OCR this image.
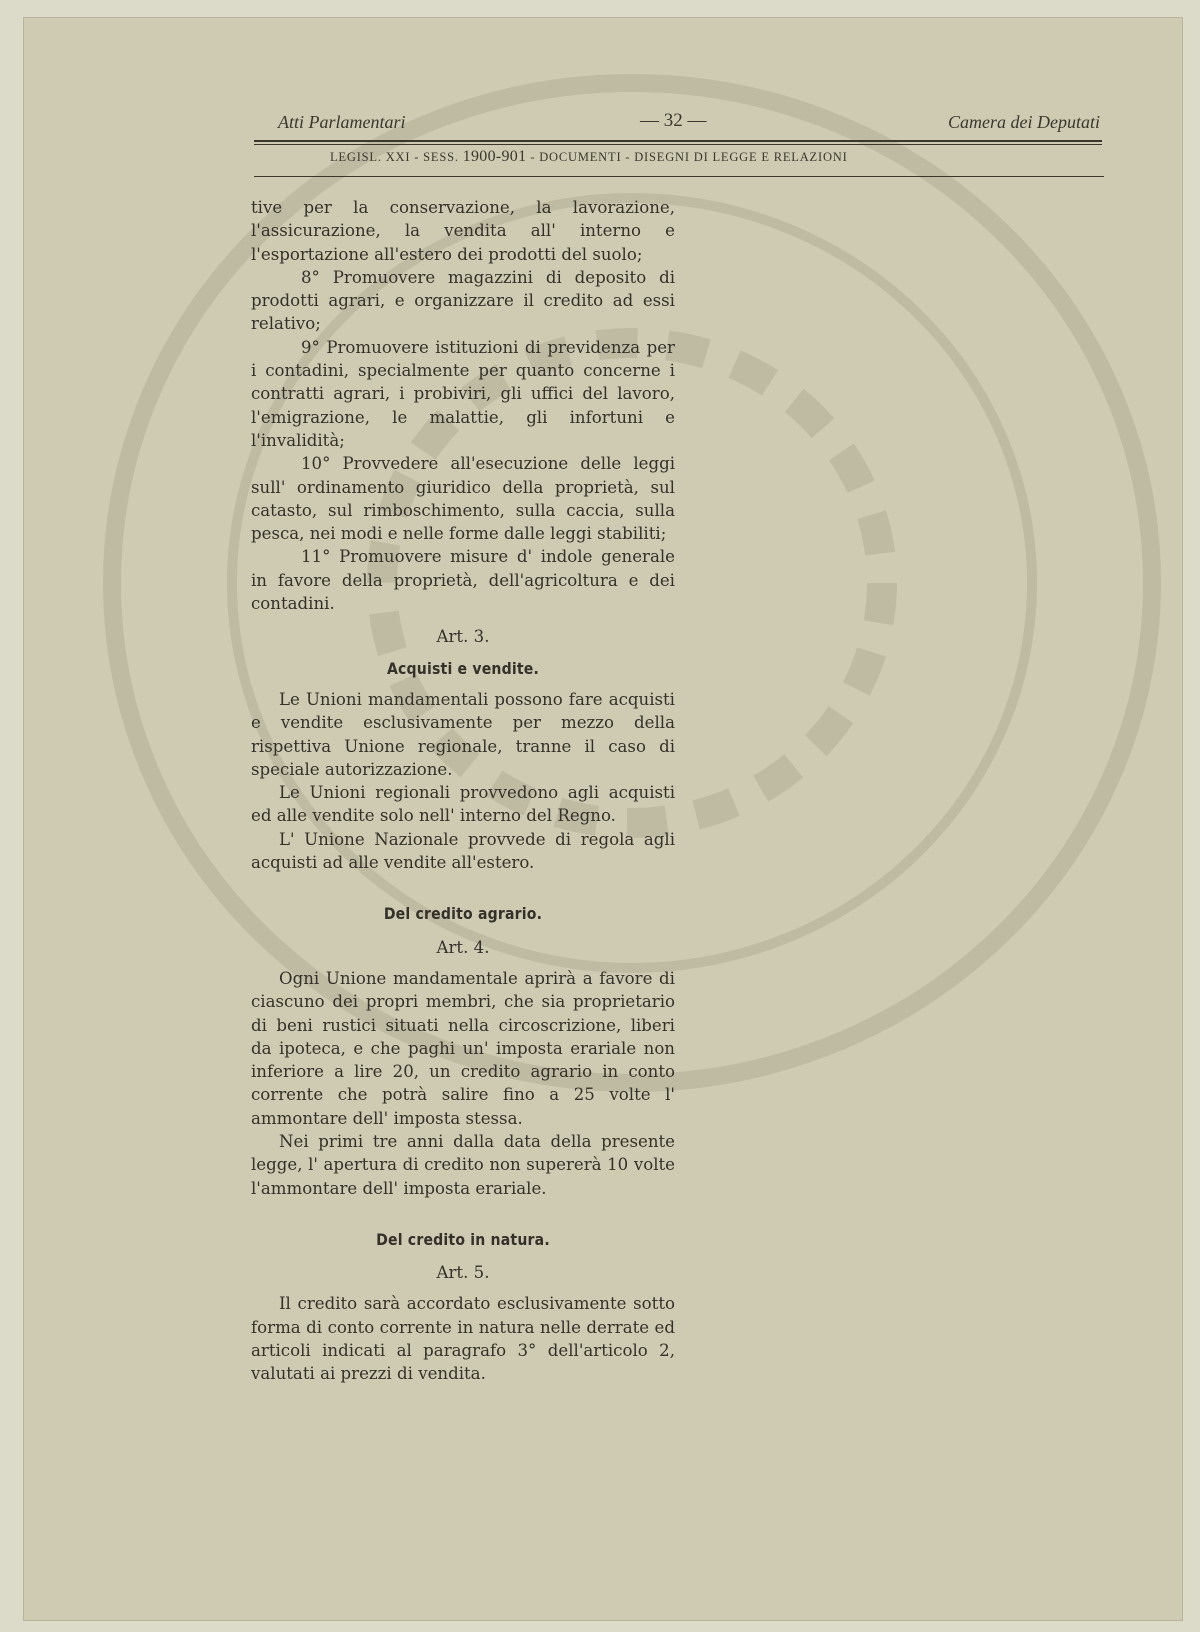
Atti Parlamentari	— 32 —	Camera dei Deputati
LEGISL. XXI - SESS. 1900-901 - DOCUMENTI - DISEGNI DI LEGGE E RELAZIONI

tive per la conservazione, la lavorazione, l'assicurazione, la vendita all' interno e l'esportazione all'estero dei prodotti del suolo;

8° Promuovere magazzini di deposito di prodotti agrari, e organizzare il credito ad essi relativo;

9° Promuovere istituzioni di previdenza per i contadini, specialmente per quanto concerne i contratti agrari, i probiviri, gli uffici del lavoro, l'emigrazione, le malattie, gli infortuni e l'invalidità;

10° Provvedere all'esecuzione delle leggi sull' ordinamento giuridico della proprietà, sul catasto, sul rimboschimento, sulla caccia, sulla pesca, nei modi e nelle forme dalle leggi stabiliti;

11° Promuovere misure d' indole generale in favore della proprietà, dell'agricoltura e dei contadini.

Art. 3.

Acquisti e vendite.

Le Unioni mandamentali possono fare acquisti e vendite esclusivamente per mezzo della rispettiva Unione regionale, tranne il caso di speciale autorizzazione.

Le Unioni regionali provvedono agli acquisti ed alle vendite solo nell' interno del Regno.

L' Unione Nazionale provvede di regola agli acquisti ad alle vendite all'estero.

Del credito agrario.

Art. 4.

Ogni Unione mandamentale aprirà a favore di ciascuno dei propri membri, che sia proprietario di beni rustici situati nella circoscrizione, liberi da ipoteca, e che paghi un' imposta erariale non inferiore a lire 20, un credito agrario in conto corrente che potrà salire fino a 25 volte l' ammontare dell' imposta stessa.

Nei primi tre anni dalla data della presente legge, l' apertura di credito non supererà 10 volte l'ammontare dell' imposta erariale.

Del credito in natura.

Art. 5.

Il credito sarà accordato esclusivamente sotto forma di conto corrente in natura nelle derrate ed articoli indicati al paragrafo 3° dell'articolo 2, valutati ai prezzi di vendita.
